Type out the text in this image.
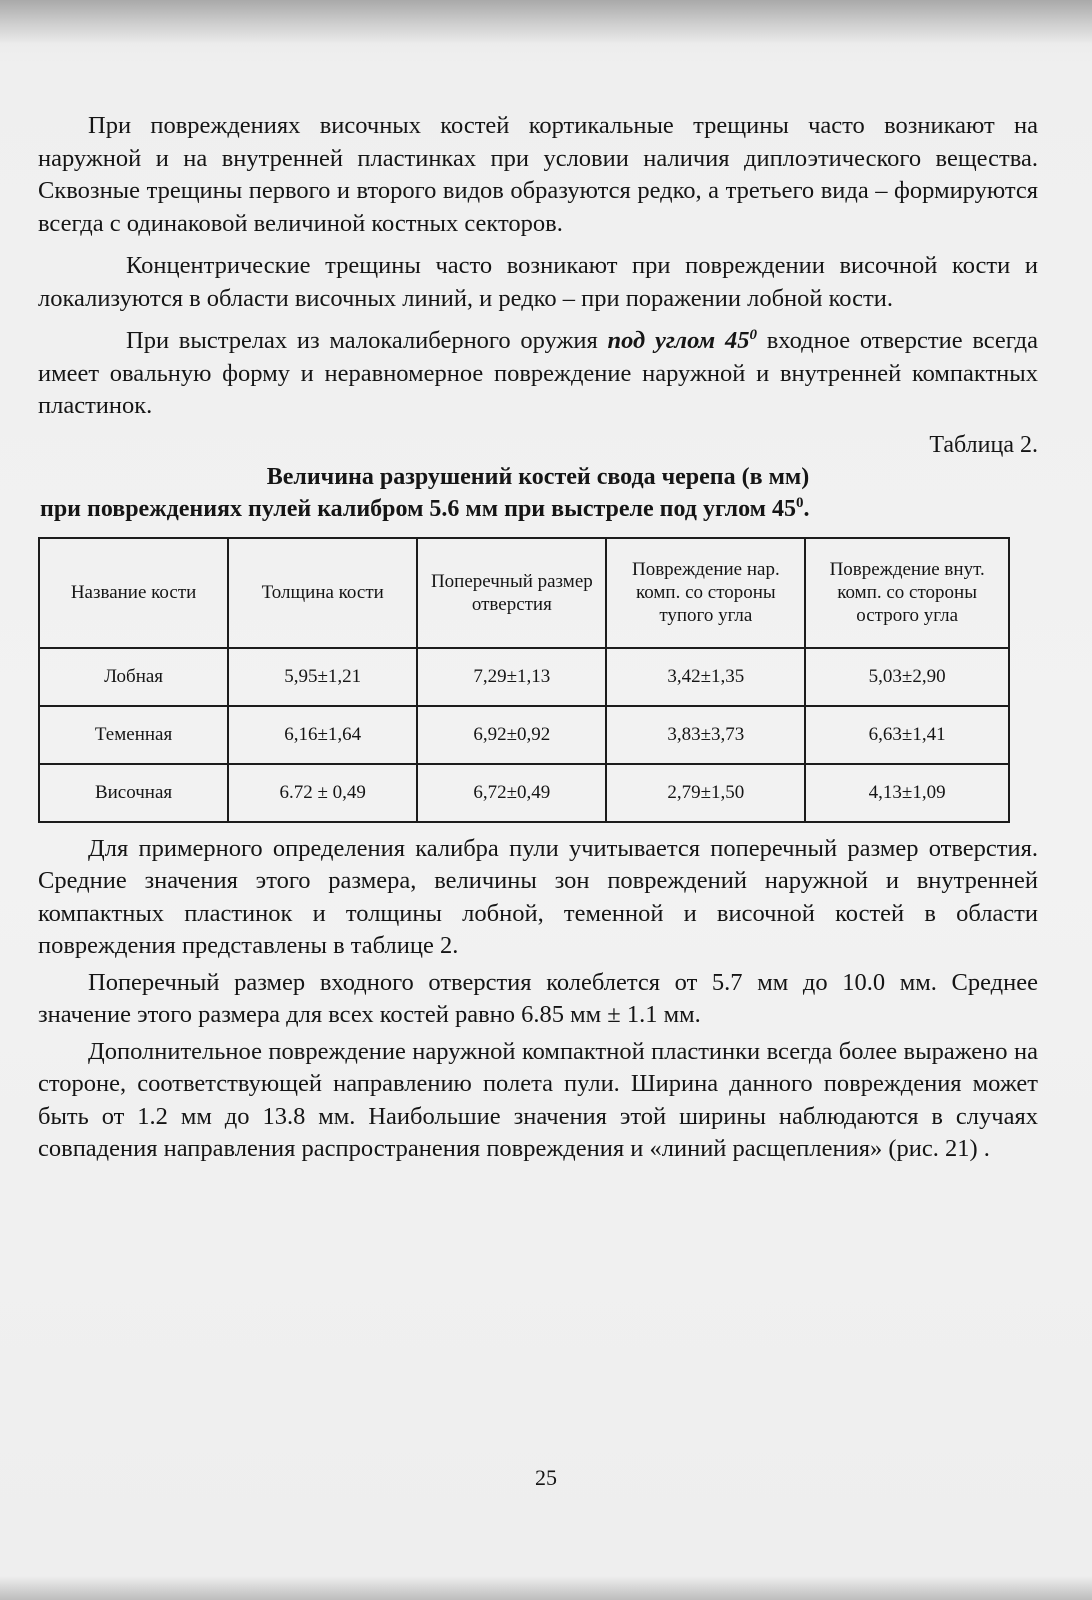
При повреждениях височных костей кортикальные трещины часто возникают на наружной и на внутренней пластинках при условии наличия диплоэтического вещества. Сквозные трещины первого и второго видов образуются редко, а третьего вида – формируются всегда с одинаковой величиной костных секторов.

Концентрические трещины часто возникают при повреждении височной кости и локализуются в области височных линий, и редко – при поражении лобной кости.

При выстрелах из малокалиберного оружия под углом $45^0$ входное отверстие всегда имеет овальную форму и неравномерное повреждение наружной и внутренней компактных пластинок.

Таблица 2.
Величина разрушений костей свода черепа (в мм)
при повреждениях пулей калибром 5.6 мм при выстреле под углом $45^0$.
Название кости	Толщина кости	Поперечный размер отверстия	Повреждение нар. комп. со стороны тупого угла	Повреждение внут. комп. со стороны острого угла
Лобная	5,95±1,21	7,29±1,13	3,42±1,35	5,03±2,90
Теменная	6,16±1,64	6,92±0,92	3,83±3,73	6,63±1,41
Височная	6.72 ± 0,49	6,72±0,49	2,79±1,50	4,13±1,09

Для примерного определения калибра пули учитывается поперечный размер отверстия. Средние значения этого размера, величины зон повреждений наружной и внутренней компактных пластинок и толщины лобной, теменной и височной костей в области повреждения представлены в таблице 2.

Поперечный размер входного отверстия колеблется от 5.7 мм до 10.0 мм. Среднее значение этого размера для всех костей равно 6.85 мм ± 1.1 мм.

Дополнительное повреждение наружной компактной пластинки всегда более выражено на стороне, соответствующей направлению полета пули. Ширина данного повреждения может быть от 1.2 мм до 13.8 мм. Наибольшие значения этой ширины наблюдаются в случаях совпадения направления распространения повреждения и «линий расщепления» (рис. 21) .

25
